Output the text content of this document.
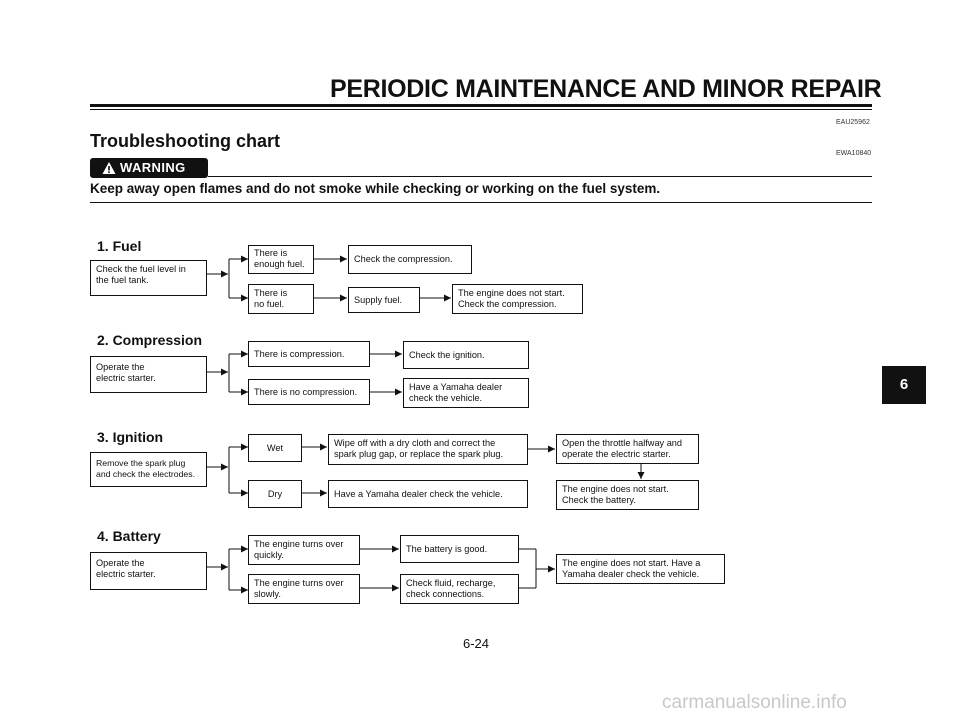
PERIODIC MAINTENANCE AND MINOR REPAIR
EAU25962
Troubleshooting chart
EWA10840
WARNING
Keep away open flames and do not smoke while checking or working on the fuel system.
1. Fuel
Check the fuel level in
the fuel tank.
There is
enough fuel.	Check the compression.
There is
no fuel.	Supply fuel.
The engine does not start.
Check the compression.
2. Compression
Operate the
electric starter.
There is compression.	Check the ignition.
There is no compression.	Have a Yamaha dealer
check the vehicle.
3. Ignition
Remove the spark plug
and check the electrodes.
Wet	Wipe off with a dry cloth and correct the
spark plug gap, or replace the spark plug.
Open the throttle halfway and
operate the electric starter.
Dry	Have a Yamaha dealer check the vehicle.	The engine does not start.
Check the battery.
4. Battery
Operate the
electric starter.
The engine turns over
quickly.
The battery is good.
The engine turns over
slowly.
Check fluid, recharge,
check connections.
The engine does not start. Have a
Yamaha dealer check the vehicle.
6
6-24
carmanualsonline.info
